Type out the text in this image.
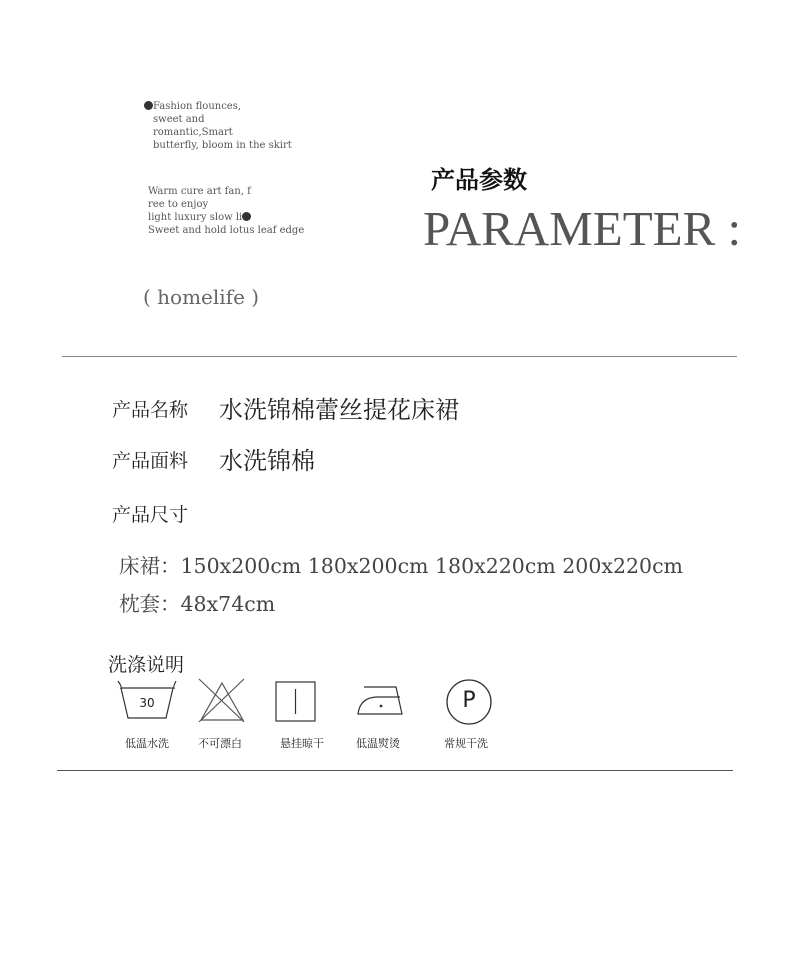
Fashion flounces,
sweet and
romantic,Smart
butterfly, bloom in the skirt
Warm cure art fan, f
ree to enjoy
light luxury slow li
Sweet and hold lotus leaf edge
产品参数
PARAMETER :
( homelife )
产品名称 水洗锦棉蕾丝提花床裙
产品面料 水洗锦棉
产品尺寸
床裙：150x200cm 180x200cm 180x220cm 200x220cm
枕套：48x74cm
洗涤说明
30	P
低温水洗	不可漂白	悬挂晾干	低温熨烫	常规干洗
